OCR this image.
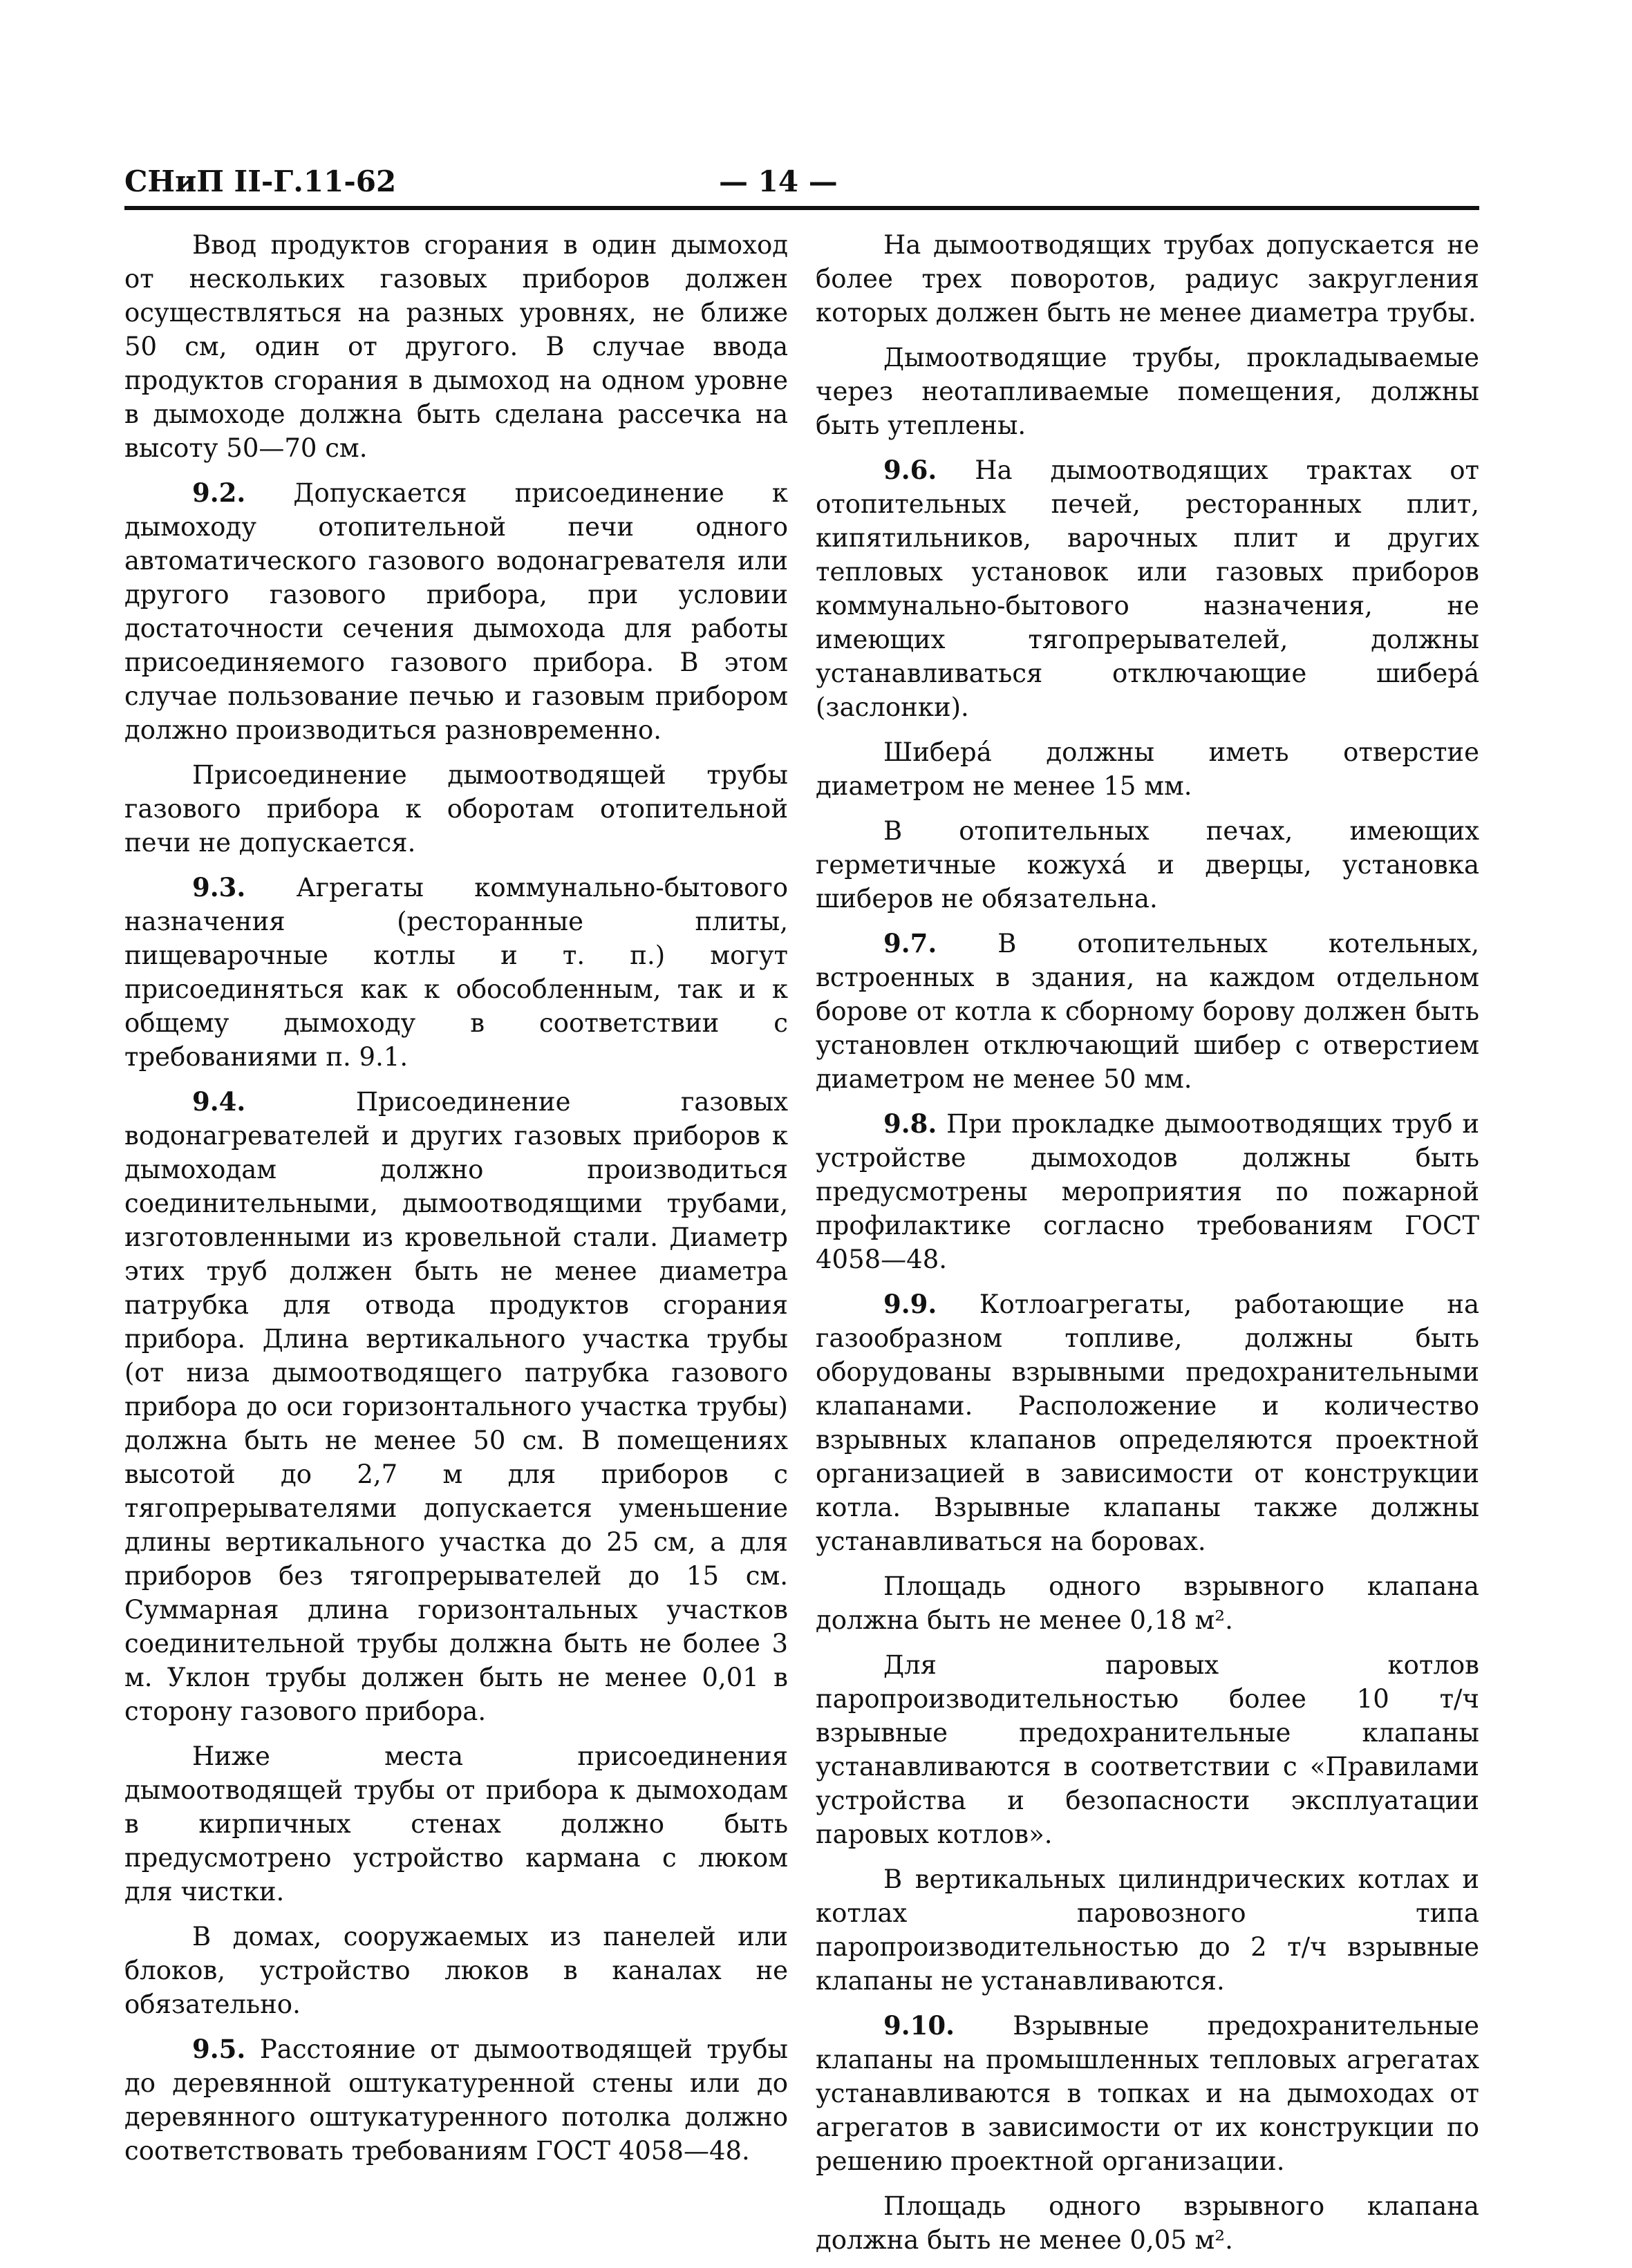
СНиП II-Г.11-62	— 14 —

Ввод продуктов сгорания в один дымоход от нескольких газовых приборов должен осуществляться на разных уровнях, не ближе 50 см, один от другого. В случае ввода продуктов сгорания в дымоход на одном уровне в дымоходе должна быть сделана рассечка на высоту 50—70 см.

9.2. Допускается присоединение к дымоходу отопительной печи одного автоматического газового водонагревателя или другого газового прибора, при условии достаточности сечения дымохода для работы присоединяемого газового прибора. В этом случае пользование печью и газовым прибором должно производиться разновременно.

Присоединение дымоотводящей трубы газового прибора к оборотам отопительной печи не допускается.

9.3. Агрегаты коммунально-бытового назначения (ресторанные плиты, пищеварочные котлы и т. п.) могут присоединяться как к обособленным, так и к общему дымоходу в соответствии с требованиями п. 9.1.

9.4.	Присоединение газовых водонагревателей и других газовых приборов к дымоходам должно производиться соединительными, дымоотводящими трубами, изготовленными из кровельной стали. Диаметр этих труб должен быть не менее диаметра патрубка для отвода продуктов сгорания прибора. Длина вертикального участка трубы (от низа дымоотводящего патрубка газового прибора до оси горизонтального участка трубы) должна быть не менее 50 см. В помещениях высотой до 2,7 м для приборов с тягопрерывателями допускается уменьшение длины вертикального участка до 25 см, а для приборов без тягопрерывателей до 15 см. Суммарная длина горизонтальных участков соединительной трубы должна быть не более 3 м. Уклон трубы должен быть не менее 0,01 в сторону газового прибора.

Ниже места присоединения дымоотводящей трубы от прибора к дымоходам в кирпичных стенах должно быть предусмотрено устройство кармана с люком для чистки.

В домах, сооружаемых из панелей или блоков, устройство люков в каналах не обязательно.

9.5. Расстояние от дымоотводящей трубы до деревянной оштукатуренной стены или до деревянного оштукатуренного потолка должно соответствовать требованиям ГОСТ 4058—48.

На дымоотводящих трубах допускается не более трех поворотов, радиус закругления которых должен быть не менее диаметра трубы.

Дымоотводящие трубы, прокладываемые через неотапливаемые помещения, должны быть утеплены.

9.6. На дымоотводящих трактах от отопительных печей, ресторанных плит, кипятильников, варочных плит и других тепловых установок или газовых приборов коммунально-бытового назначения, не имеющих тягопрерывателей, должны устанавливаться отключающие шибера́ (заслонки).

Шибера́ должны иметь отверстие диаметром не менее 15 мм.

В отопительных печах, имеющих герметичные кожуха́ и дверцы, установка шиберов не обязательна.

9.7. В отопительных котельных, встроенных в здания, на каждом отдельном борове от котла к сборному борову должен быть установлен отключающий шибер с отверстием диаметром не менее 50 мм.

9.8. При прокладке дымоотводящих труб и устройстве дымоходов должны быть предусмотрены мероприятия по пожарной профилактике согласно требованиям ГОСТ 4058—48.

9.9. Котлоагрегаты, работающие на газообразном топливе, должны быть оборудованы взрывными предохранительными клапанами. Расположение и количество взрывных клапанов определяются проектной организацией в зависимости от конструкции котла. Взрывные клапаны также должны устанавливаться на боровах.

Площадь одного взрывного клапана должна быть не менее 0,18 м².

Для паровых котлов паропроизводительностью более 10 т/ч взрывные предохранительные клапаны устанавливаются в соответствии с «Правилами устройства и безопасности эксплуатации паровых котлов».

В вертикальных цилиндрических котлах и котлах паровозного типа паропроизводительностью до 2 т/ч взрывные клапаны не устанавливаются.

9.10. Взрывные предохранительные клапаны на промышленных тепловых агрегатах устанавливаются в топках и на дымоходах от агрегатов в зависимости от их конструкции по решению проектной организации.

Площадь одного взрывного клапана должна быть не менее 0,05 м².
